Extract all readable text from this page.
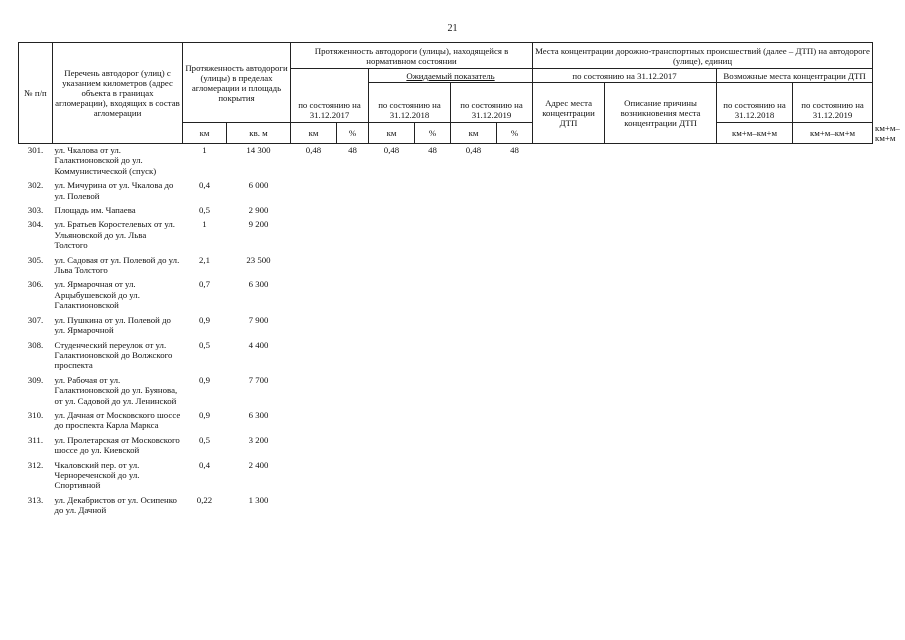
21
№ п/п	Перечень автодорог (улиц) с указанием километров (адрес объекта в границах агломерации), входящих в состав агломерации	Протяженность автодороги (улицы) в пределах агломерации и площадь покрытия		Протяженность автодороги (улицы), находящейся в нормативном состоянии						Места концентрации дорожно-транспортных происшествий (далее – ДТП) на автодороге (улице), единиц				
				по состоянию на 31.12.2017		Ожидаемый показатель				по состоянию на 31.12.2017		Возможные места концентрации ДТП		
						по состоянию на 31.12.2018		по состоянию на 31.12.2019		Адрес места концентрации ДТП	Описание причины возникновения места концентрации ДТП	по состоянию на 31.12.2018	по состоянию на 31.12.2019	
		км	кв. м	км	%	км	%	км	%			км+м–км+м	км+м–км+м	км+м–км+м
301.	ул. Чкалова от ул. Галактионовской до ул. Коммунистической (спуск)	1	14 300	0,48	48	0,48	48	0,48	48					
302.	ул. Мичурина от ул. Чкалова до ул. Полевой	0,4	6 000											
303.	Площадь им. Чапаева	0,5	2 900											
304.	ул. Братьев Коростелевых от ул. Ульяновской до ул. Льва Толстого	1	9 200											
305.	ул. Садовая от ул. Полевой до ул. Льва Толстого	2,1	23 500											
306.	ул. Ярмарочная от ул. Арцыбушевской до ул. Галактионовской	0,7	6 300											
307.	ул. Пушкина от ул. Полевой до ул. Ярмарочной	0,9	7 900											
308.	Студенческий переулок от ул. Галактионовской до Волжского проспекта	0,5	4 400											
309.	ул. Рабочая от ул. Галактионовской до ул. Буянова, от ул. Садовой до ул. Ленинской	0,9	7 700											
310.	ул. Дачная от Московского шоссе до проспекта Карла Маркса	0,9	6 300											
311.	ул. Пролетарская от Московского шоссе до ул. Киевской	0,5	3 200											
312.	Чкаловский пер. от ул. Чернореченской до ул. Спортивной	0,4	2 400											
313.	ул. Декабристов от ул. Осипенко до ул. Дачной	0,22	1 300											
